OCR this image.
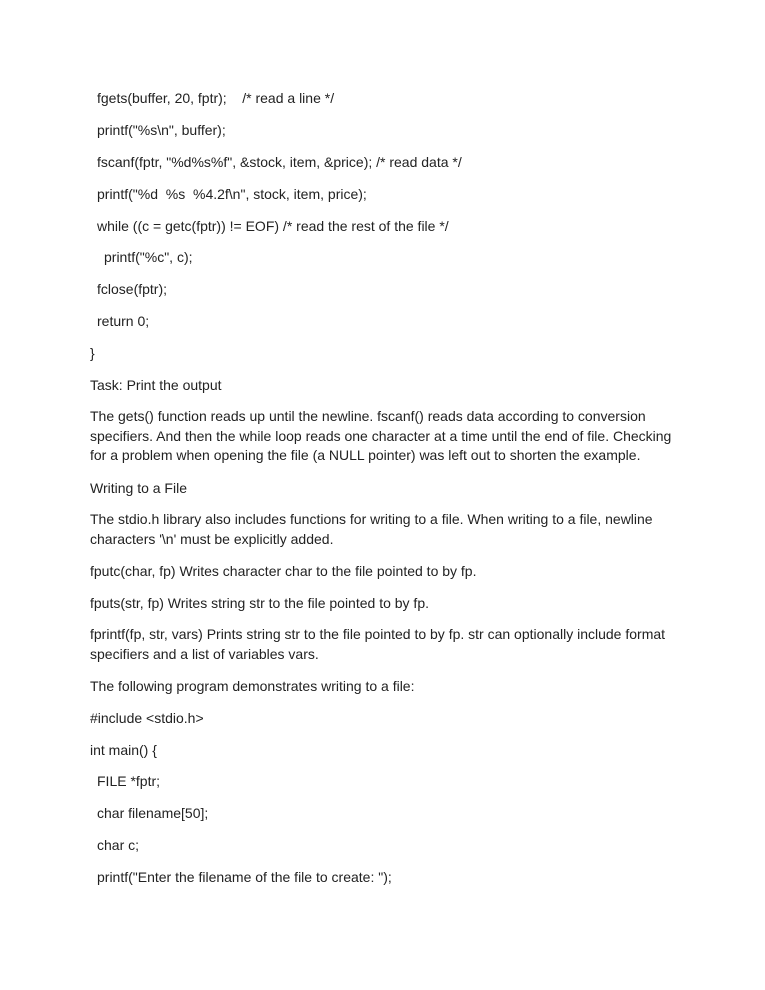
fgets(buffer, 20, fptr);    /* read a line */
printf("%s\n", buffer);
fscanf(fptr, "%d%s%f", &stock, item, &price); /* read data */
printf("%d  %s  %4.2f\n", stock, item, price);
while ((c = getc(fptr)) != EOF) /* read the rest of the file */
printf("%c", c);
fclose(fptr);
return 0;
}
Task: Print the output
The gets() function reads up until the newline. fscanf() reads data according to conversion specifiers. And then the while loop reads one character at a time until the end of file. Checking for a problem when opening the file (a NULL pointer) was left out to shorten the example.
Writing to a File
The stdio.h library also includes functions for writing to a file. When writing to a file, newline characters '\n' must be explicitly added.
fputc(char, fp) Writes character char to the file pointed to by fp.
fputs(str, fp) Writes string str to the file pointed to by fp.
fprintf(fp, str, vars) Prints string str to the file pointed to by fp. str can optionally include format specifiers and a list of variables vars.
The following program demonstrates writing to a file:
#include <stdio.h>
int main() {
FILE *fptr;
char filename[50];
char c;
printf("Enter the filename of the file to create: ");
